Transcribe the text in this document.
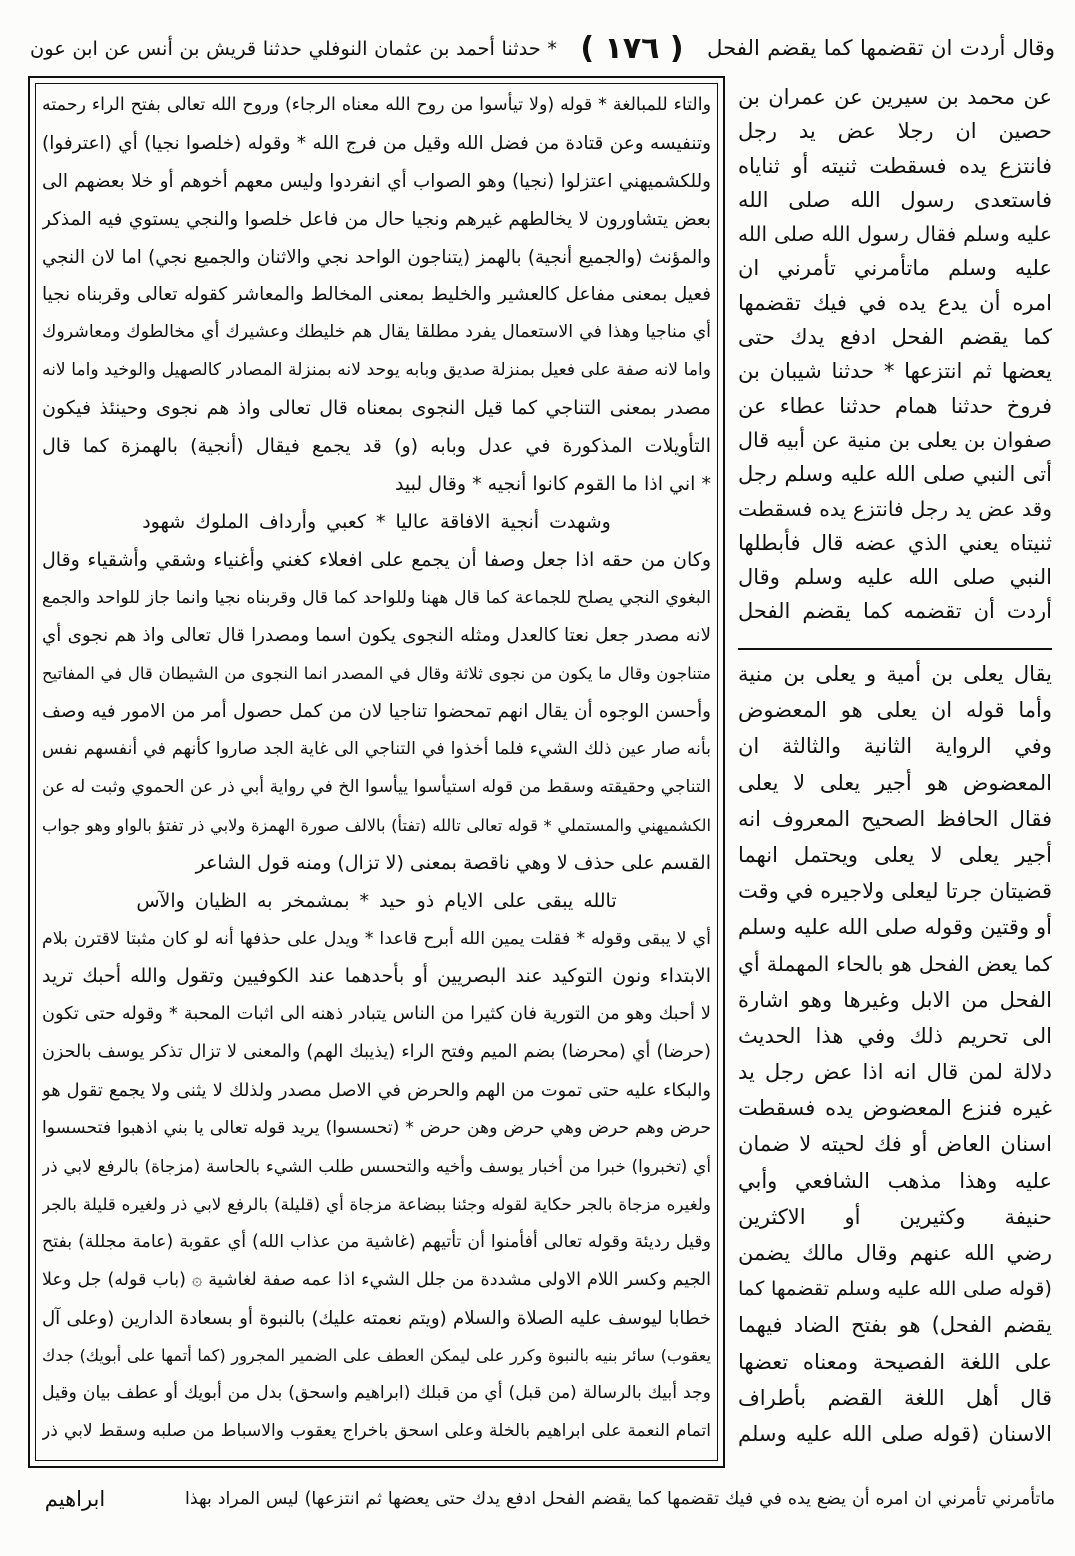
وقال أردت ان تقضمها كما يقضم الفحل
( ١٧٦ )
* حدثنا أحمد بن عثمان النوفلي حدثنا قريش بن أنس عن ابن عون
والتاء للمبالغة * قوله (ولا تيأسوا من روح الله معناه الرجاء) وروح الله تعالى بفتح الراء رحمته
وتنفيسه وعن قتادة من فضل الله وقيل من فرج الله * وقوله (خلصوا نجيا) أي (اعترفوا)
وللكشميهني اعتزلوا (نجيا) وهو الصواب أي انفردوا وليس معهم أخوهم أو خلا بعضهم الى
بعض يتشاورون لا يخالطهم غيرهم ونجيا حال من فاعل خلصوا والنجي يستوي فيه المذكر
والمؤنث (والجميع أنجية) بالهمز (يتناجون الواحد نجي والاثنان والجميع نجي) اما لان النجي
فعيل بمعنى مفاعل كالعشير والخليط بمعنى المخالط والمعاشر كقوله تعالى وقربناه نجيا
أي مناجيا وهذا في الاستعمال يفرد مطلقا يقال هم خليطك وعشيرك أي مخالطوك ومعاشروك
واما لانه صفة على فعيل بمنزلة صديق وبابه يوحد لانه بمنزلة المصادر كالصهيل والوخيد واما لانه
مصدر بمعنى التناجي كما قيل النجوى بمعناه قال تعالى واذ هم نجوى وحينئذ فيكون
التأويلات المذكورة في عدل وبابه (و) قد يجمع فيقال (أنجية) بالهمزة كما قال
* اني اذا ما القوم كانوا أنجيه * وقال لبيد
وشهدت أنجية الافاقة عاليا * كعبي وأرداف الملوك شهود
وكان من حقه اذا جعل وصفا أن يجمع على افعلاء كغني وأغنياء وشقي وأشقياء وقال
البغوي النجي يصلح للجماعة كما قال ههنا وللواحد كما قال وقربناه نجيا وانما جاز للواحد والجمع
لانه مصدر جعل نعتا كالعدل ومثله النجوى يكون اسما ومصدرا قال تعالى واذ هم نجوى أي
متناجون وقال ما يكون من نجوى ثلاثة وقال في المصدر انما النجوى من الشيطان قال في المفاتيح
وأحسن الوجوه أن يقال انهم تمحضوا تناجيا لان من كمل حصول أمر من الامور فيه وصف
بأنه صار عين ذلك الشيء فلما أخذوا في التناجي الى غاية الجد صاروا كأنهم في أنفسهم نفس
التناجي وحقيقته وسقط من قوله استيأسوا ييأسوا الخ في رواية أبي ذر عن الحموي وثبت له عن
الكشميهني والمستملي * قوله تعالى تالله (تفتأ) بالالف صورة الهمزة ولابي ذر تفتؤ بالواو وهو جواب
القسم على حذف لا وهي ناقصة بمعنى (لا تزال) ومنه قول الشاعر
تالله يبقى على الايام ذو حيد * بمشمخر به الظيان والآس
أي لا يبقى وقوله * فقلت يمين الله أبرح قاعدا * ويدل على حذفها أنه لو كان مثبتا لاقترن بلام
الابتداء ونون التوكيد عند البصريين أو بأحدهما عند الكوفيين وتقول والله أحبك تريد
لا أحبك وهو من التورية فان كثيرا من الناس يتبادر ذهنه الى اثبات المحبة * وقوله حتى تكون
(حرضا) أي (محرضا) بضم الميم وفتح الراء (يذيبك الهم) والمعنى لا تزال تذكر يوسف بالحزن
والبكاء عليه حتى تموت من الهم والحرض في الاصل مصدر ولذلك لا يثنى ولا يجمع تقول هو
حرض وهم حرض وهي حرض وهن حرض * (تحسسوا) يريد قوله تعالى يا بني اذهبوا فتحسسوا
أي (تخبروا) خبرا من أخبار يوسف وأخيه والتحسس طلب الشيء بالحاسة (مزجاة) بالرفع لابي ذر
ولغيره مزجاة بالجر حكاية لقوله وجئنا ببضاعة مزجاة أي (قليلة) بالرفع لابي ذر ولغيره قليلة بالجر
وقيل رديئة وقوله تعالى أفأمنوا أن تأتيهم (غاشية من عذاب الله) أي عقوبة (عامة مجللة) بفتح
الجيم وكسر اللام الاولى مشددة من جلل الشيء اذا عمه صفة لغاشية ۞ (باب قوله) جل وعلا
خطابا ليوسف عليه الصلاة والسلام (ويتم نعمته عليك) بالنبوة أو بسعادة الدارين (وعلى آل
يعقوب) سائر بنيه بالنبوة وكرر على ليمكن العطف على الضمير المجرور (كما أتمها على أبويك) جدك
وجد أبيك بالرسالة (من قبل) أي من قبلك (ابراهيم واسحق) بدل من أبويك أو عطف بيان وقيل
اتمام النعمة على ابراهيم بالخلة وعلى اسحق باخراج يعقوب والاسباط من صلبه وسقط لابي ذر
عن محمد بن سيرين عن عمران بن
حصين ان رجلا عض يد رجل
فانتزع يده فسقطت ثنيته أو ثناياه
فاستعدى رسول الله صلى الله
عليه وسلم فقال رسول الله صلى الله
عليه وسلم ماتأمرني تأمرني ان
امره أن يدع يده في فيك تقضمها
كما يقضم الفحل ادفع يدك حتى
يعضها ثم انتزعها * حدثنا شيبان بن
فروخ حدثنا همام حدثنا عطاء عن
صفوان بن يعلى بن منية عن أبيه قال
أتى النبي صلى الله عليه وسلم رجل
وقد عض يد رجل فانتزع يده فسقطت
ثنيتاه يعني الذي عضه قال فأبطلها
النبي صلى الله عليه وسلم وقال
أردت أن تقضمه كما يقضم الفحل
يقال يعلى بن أمية و يعلى بن منية
وأما قوله ان يعلى هو المعضوض
وفي الرواية الثانية والثالثة ان
المعضوض هو أجير يعلى لا يعلى
فقال الحافظ الصحيح المعروف انه
أجير يعلى لا يعلى ويحتمل انهما
قضيتان جرتا ليعلى ولاجيره في وقت
أو وقتين وقوله صلى الله عليه وسلم
كما يعض الفحل هو بالحاء المهملة أي
الفحل من الابل وغيرها وهو اشارة
الى تحريم ذلك وفي هذا الحديث
دلالة لمن قال انه اذا عض رجل يد
غيره فنزع المعضوض يده فسقطت
اسنان العاض أو فك لحيته لا ضمان
عليه وهذا مذهب الشافعي وأبي
حنيفة وكثيرين أو الاكثرين
رضي الله عنهم وقال مالك يضمن
(قوله صلى الله عليه وسلم تقضمها كما
يقضم الفحل) هو بفتح الضاد فيهما
على اللغة الفصيحة ومعناه تعضها
قال أهل اللغة القضم بأطراف
الاسنان (قوله صلى الله عليه وسلم
ماتأمرني تأمرني ان امره أن يضع يده في فيك تقضمها كما يقضم الفحل ادفع يدك حتى يعضها ثم انتزعها) ليس المراد بهذا
ابراهيم
